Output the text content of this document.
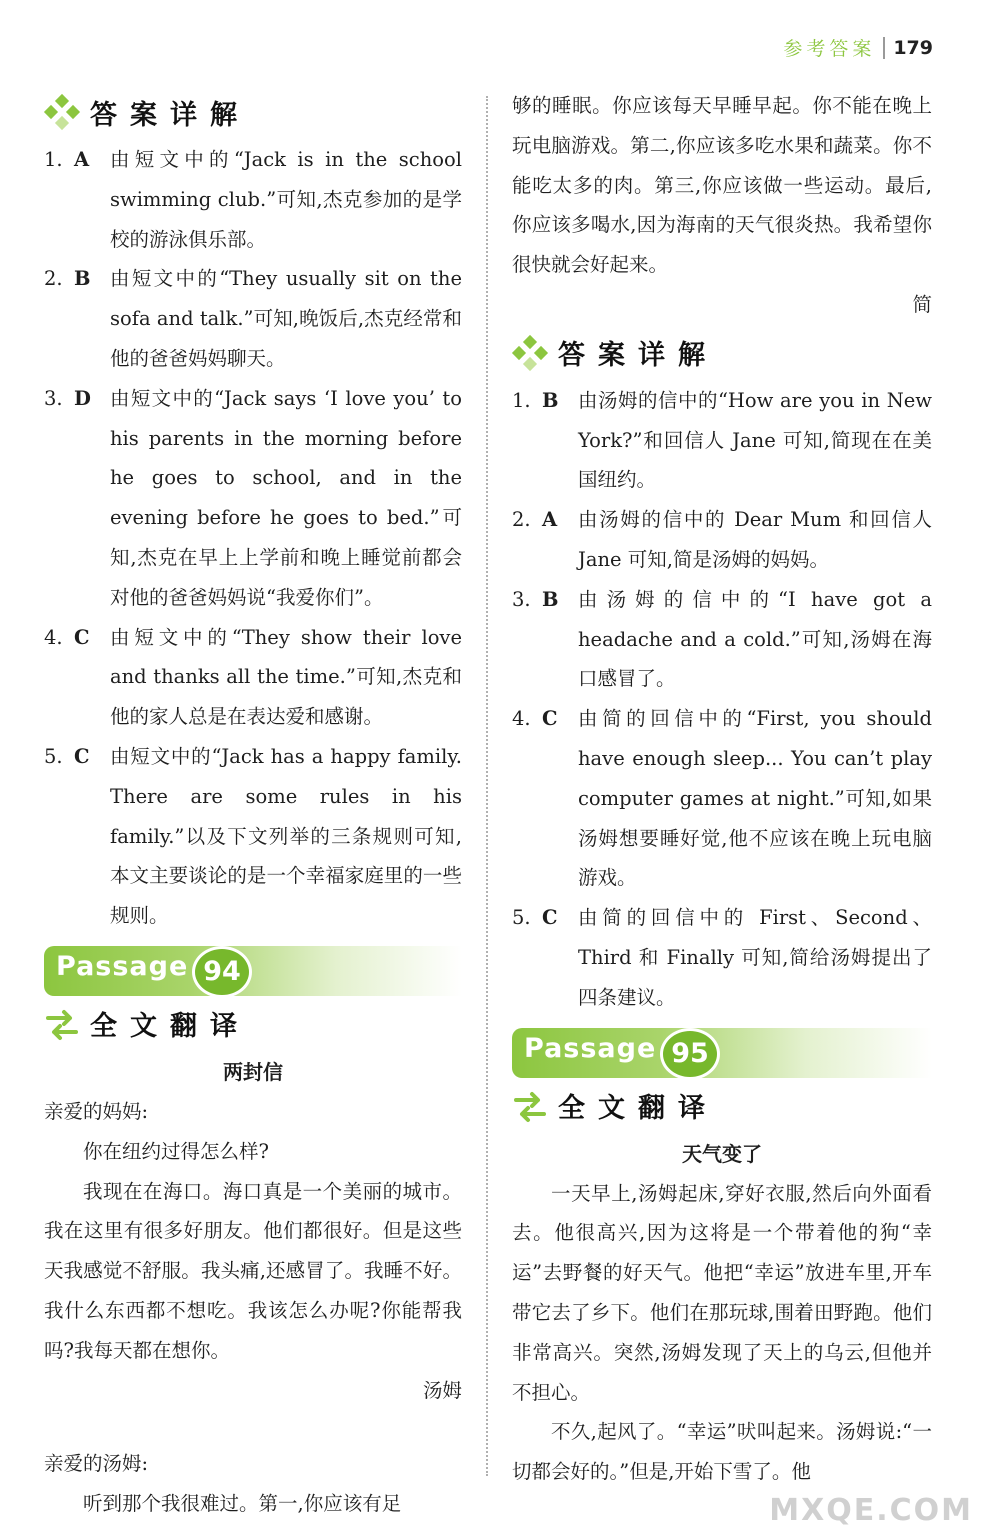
参考答案 179
答案详解
1. A	由短文中的“Jack is in the school swimming club.”可知,杰克参加的是学校的游泳俱乐部。
2. B	由短文中的“They usually sit on the sofa and talk.”可知,晚饭后,杰克经常和他的爸爸妈妈聊天。
3. D 由短文中的“Jack says ‘I love you’ to his parents in the morning before he goes to school, and in the evening before he goes to bed.”可知,杰克在早上上学前和晚上睡觉前都会对他的爸爸妈妈说“我爱你们”。
4. C	由短文中的“They show their love and thanks all the time.”可知,杰克和他的家人总是在表达爱和感谢。
5. C	由短文中的“Jack has a happy family. There are some rules in his family.”以及下文列举的三条规则可知,本文主要谈论的是一个幸福家庭里的一些规则。
Passage 94
全文翻译
两封信
亲爱的妈妈:
你在纽约过得怎么样?
我现在在海口。海口真是一个美丽的城市。我在这里有很多好朋友。他们都很好。但是这些天我感觉不舒服。我头痛,还感冒了。我睡不好。我什么东西都不想吃。我该怎么办呢?你能帮我吗?我每天都在想你。
汤姆
亲爱的汤姆:
听到那个我很难过。第一,你应该有足
够的睡眠。你应该每天早睡早起。你不能在晚上玩电脑游戏。第二,你应该多吃水果和蔬菜。你不能吃太多的肉。第三,你应该做一些运动。最后,你应该多喝水,因为海南的天气很炎热。我希望你很快就会好起来。
简
答案详解
1. B	由汤姆的信中的“How are you in New York?”和回信人 Jane 可知,简现在在美国纽约。
2. A	由汤姆的信中的 Dear Mum 和回信人 Jane 可知,简是汤姆的妈妈。
3. B	由汤姆的信中的“I have got a headache and a cold.”可知,汤姆在海口感冒了。
4. C	由简的回信中的“First, you should have enough sleep... You can’t play computer games at night.”可知,如果汤姆想要睡好觉,他不应该在晚上玩电脑游戏。
5. C	由简的回信中的 First、Second、Third 和 Finally 可知,简给汤姆提出了四条建议。
Passage 95
全文翻译
天气变了
一天早上,汤姆起床,穿好衣服,然后向外面看去。他很高兴,因为这将是一个带着他的狗“幸运”去野餐的好天气。他把“幸运”放进车里,开车带它去了乡下。他们在那玩球,围着田野跑。他们非常高兴。突然,汤姆发现了天上的乌云,但他并不担心。
不久,起风了。“幸运”吠叫起来。汤姆说:“一切都会好的。”但是,开始下雪了。他
MXQE.COM
